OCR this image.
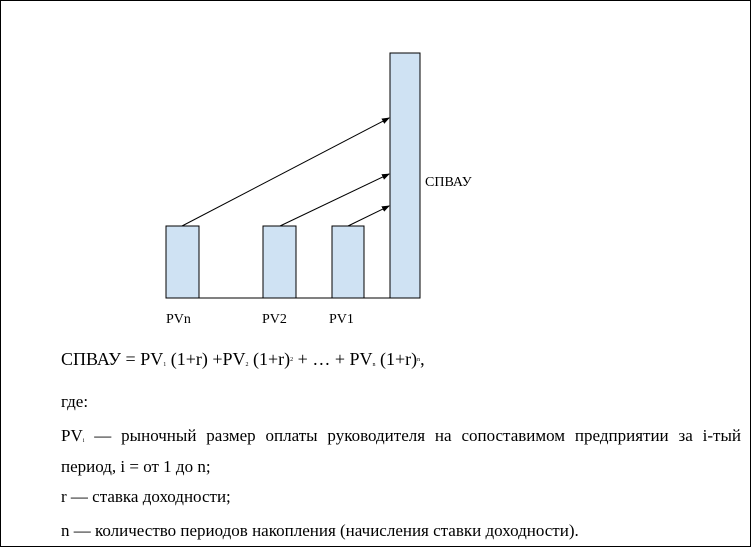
PVn	PV2	PV1
СПВАУ
СПВАУ = $PV_1$ $(1+r) +PV_2$ $(1+r)^2$ + … + $PV_n$ $(1+r)^n$,
где:
$PV_i$ — рыночный размер оплаты руководителя на сопоставимом предприятии за i-тый период, i = от 1 до n;
r — ставка доходности;
n — количество периодов накопления (начисления ставки доходности).
